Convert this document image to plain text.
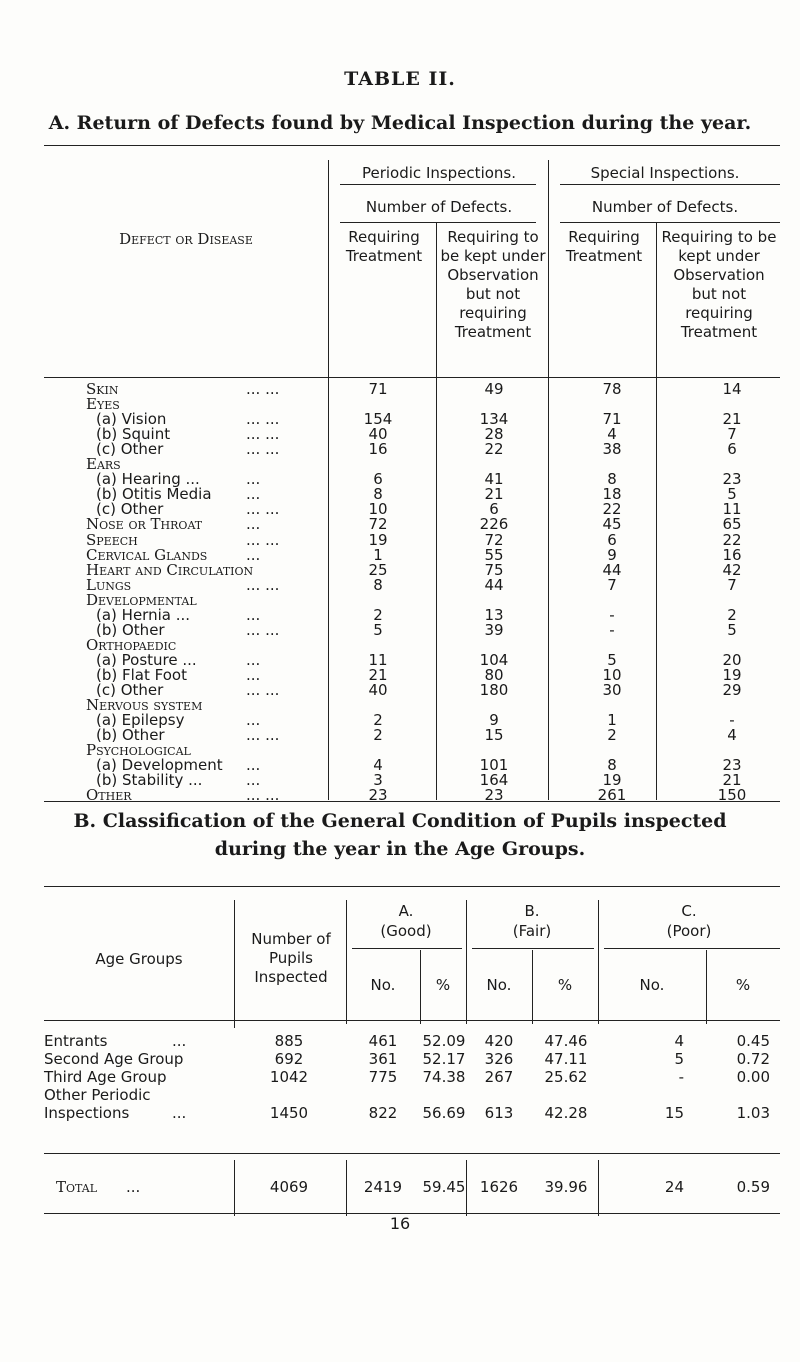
TABLE II.
A. Return of Defects found by Medical Inspection during the year.
Defect or Disease
Periodic Inspections.	Special Inspections.
Number of Defects.	Number of Defects.
Requiring Treatment
Requiring to be kept under Observation but not requiring Treatment
Requiring Treatment
Requiring to be kept under Observation but not requiring Treatment
Skin	... ...	71	49	78	14
Eyes
(a) Vision	... ...	154	134	71	21
(b) Squint	... ...	40	28	4	7
(c) Other	... ...	16	22	38	6
Ears
(a) Hearing ...	...	6	41	8	23
(b) Otitis Media ...	8	21	18	5
(c) Other	... ...	10	6	22	11
Nose or Throat	...	72	226	45	65
Speech	... ...	19	72	6	22
Cervical Glands	...	1	55	9	16
Heart and Circulation	25	75	44	42
Lungs	... ...	8	44	7	7
Developmental
(a) Hernia ...	...	2	13	-	2
(b) Other	... ...	5	39	-	5
Orthopaedic
(a) Posture ...	...	11	104	5	20
(b) Flat Foot	...	21	80	10	19
(c) Other	... ...	40	180	30	29
Nervous system
(a) Epilepsy	...	2	9	1	-
(b) Other	... ...	2	15	2	4
Psychological
(a) Development ...	4	101	8	23
(b) Stability ...	...	3	164	19	21
Other	... ...	23	23	261	150
B. Classification of the General Condition of Pupils inspected
during the year in the Age Groups.
Age Groups
Number of Pupils Inspected
A.
(Good)
B.
(Fair)
C.
(Poor)
No.	%	No.	%	No.	%
Entrants	...	885	461	52.09	420	47.46	4	0.45
Second Age Group	692	361	52.17	326	47.11	5	0.72
Third Age Group	1042	775	74.38	267	25.62	-	0.00
Other Periodic
Inspections	...	1450	822	56.69	613	42.28	15	1.03
Total ...	4069	2419	59.45 1626	39.96	24	0.59
16
